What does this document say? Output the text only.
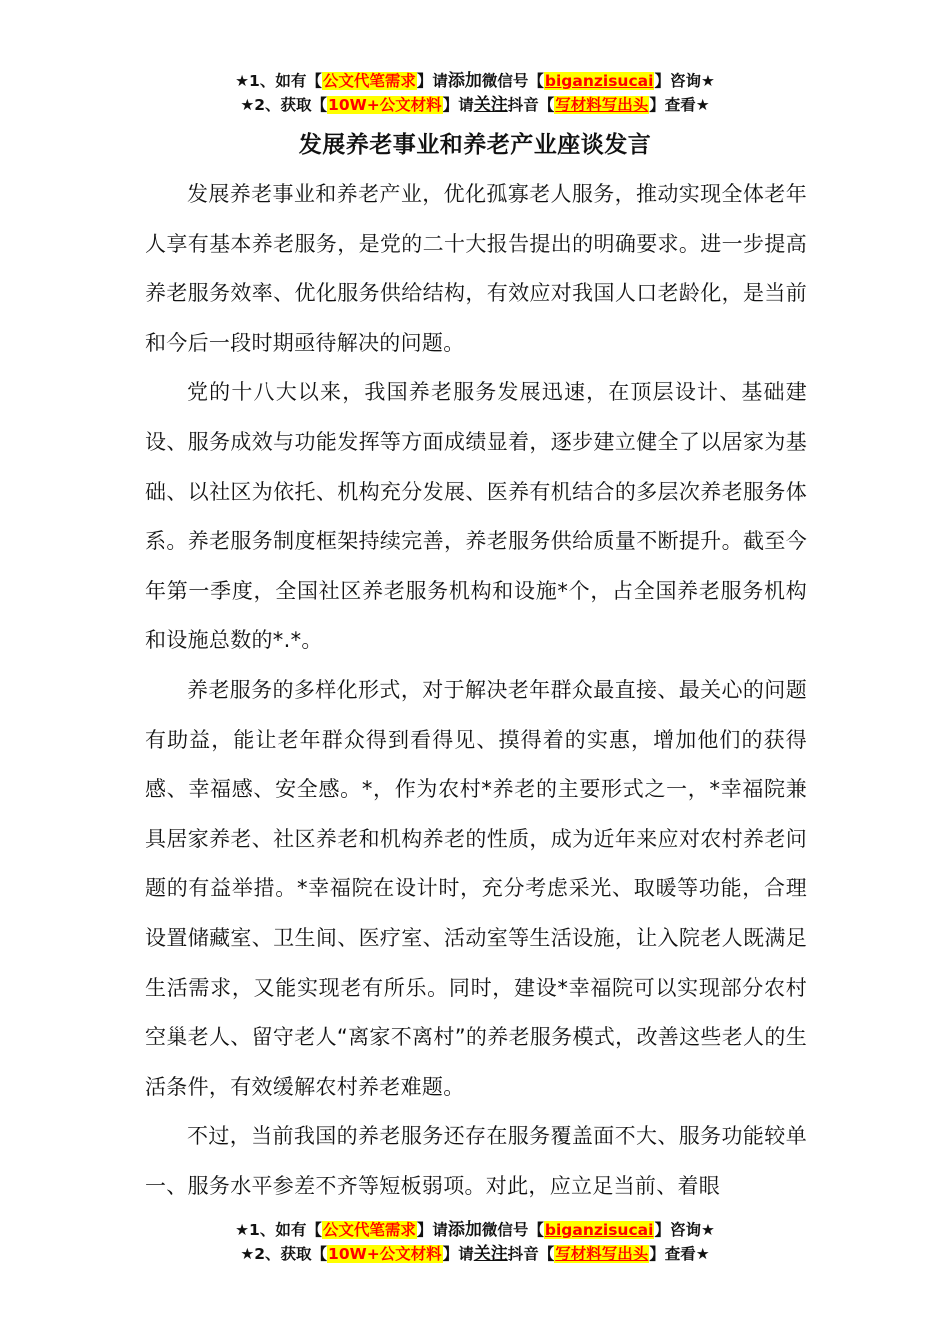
★1、如有【公文代笔需求】请添加微信号【biganzisucai】咨询★
★2、获取【10W+公文材料】请关注抖音【写材料写出头】查看★
发展养老事业和养老产业座谈发言

发展养老事业和养老产业，优化孤寡老人服务，推动实现全体老年人享有基本养老服务，是党的二十大报告提出的明确要求。进一步提高养老服务效率、优化服务供给结构，有效应对我国人口老龄化，是当前和今后一段时期亟待解决的问题。

党的十八大以来，我国养老服务发展迅速，在顶层设计、基础建设、服务成效与功能发挥等方面成绩显着，逐步建立健全了以居家为基础、以社区为依托、机构充分发展、医养有机结合的多层次养老服务体系。养老服务制度框架持续完善，养老服务供给质量不断提升。截至今年第一季度，全国社区养老服务机构和设施*个，占全国养老服务机构和设施总数的*.*。

养老服务的多样化形式，对于解决老年群众最直接、最关心的问题有助益，能让老年群众得到看得见、摸得着的实惠，增加他们的获得感、幸福感、安全感。*，作为农村*养老的主要形式之一，*幸福院兼具居家养老、社区养老和机构养老的性质，成为近年来应对农村养老问题的有益举措。*幸福院在设计时，充分考虑采光、取暖等功能，合理设置储藏室、卫生间、医疗室、活动室等生活设施，让入院老人既满足生活需求，又能实现老有所乐。同时，建设*幸福院可以实现部分农村空巢老人、留守老人“离家不离村”的养老服务模式，改善这些老人的生活条件，有效缓解农村养老难题。

不过，当前我国的养老服务还存在服务覆盖面不大、服务功能较单一、服务水平参差不齐等短板弱项。对此，应立足当前、着眼

★1、如有【公文代笔需求】请添加微信号【biganzisucai】咨询★
★2、获取【10W+公文材料】请关注抖音【写材料写出头】查看★
